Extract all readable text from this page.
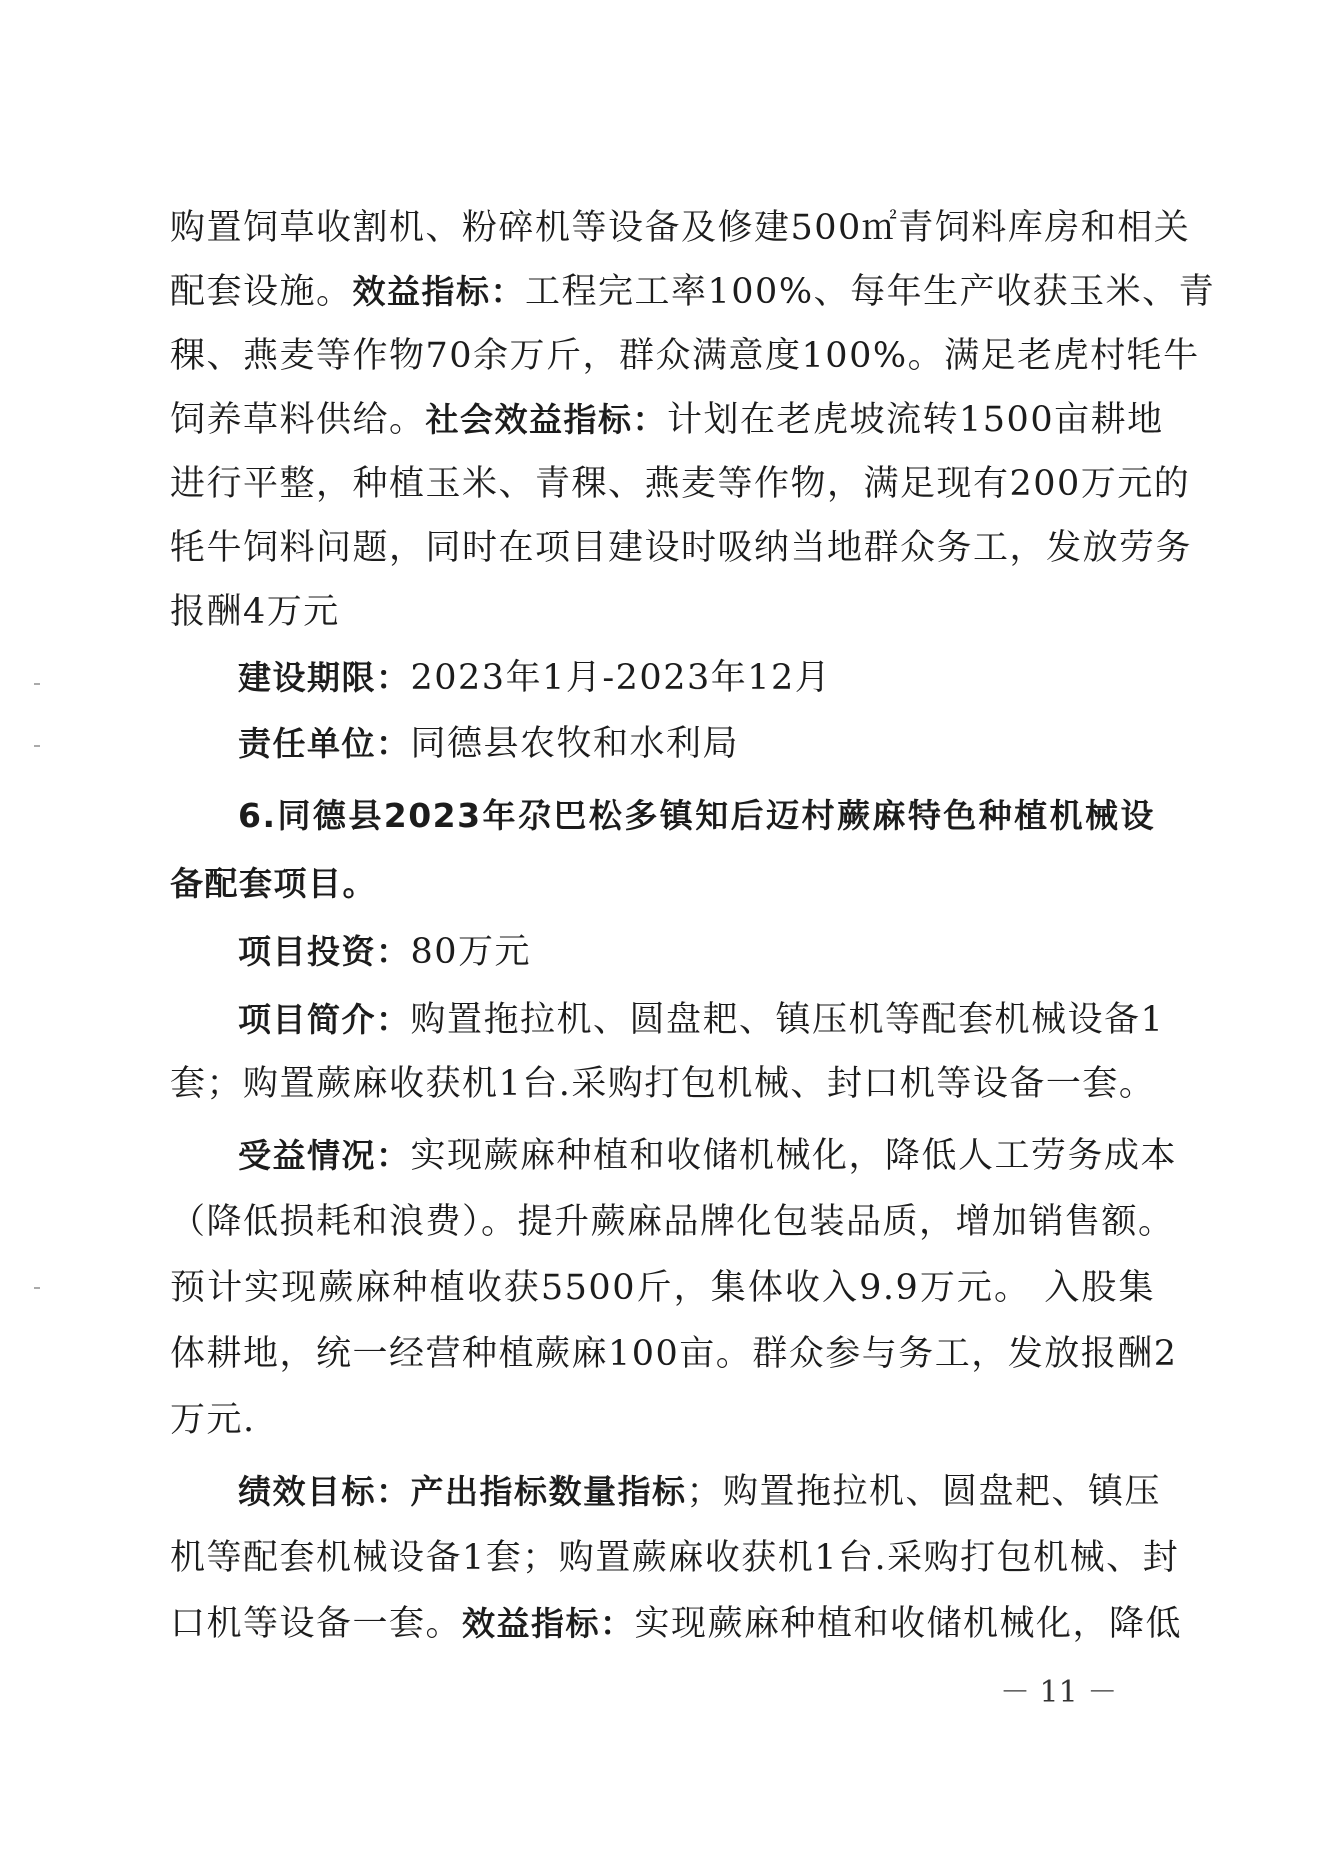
购置饲草收割机、粉碎机等设备及修建500㎡青饲料库房和相关
配套设施。效益指标：工程完工率100%、每年生产收获玉米、青
稞、燕麦等作物70余万斤，群众满意度100%。满足老虎村牦牛
饲养草料供给。社会效益指标：计划在老虎坡流转1500亩耕地
进行平整，种植玉米、青稞、燕麦等作物，满足现有200万元的
牦牛饲料问题，同时在项目建设时吸纳当地群众务工，发放劳务
报酬4万元
建设期限：2023年1月-2023年12月
责任单位：同德县农牧和水利局
6.同德县2023年尕巴松多镇知后迈村蕨麻特色种植机械设
备配套项目。
项目投资：80万元
项目简介：购置拖拉机、圆盘耙、镇压机等配套机械设备1
套；购置蕨麻收获机1台.采购打包机械、封口机等设备一套。
受益情况：实现蕨麻种植和收储机械化，降低人工劳务成本
（降低损耗和浪费）。提升蕨麻品牌化包装品质，增加销售额。
预计实现蕨麻种植收获5500斤，集体收入9.9万元。 入股集
体耕地，统一经营种植蕨麻100亩。群众参与务工，发放报酬2
万元.
绩效目标：产出指标数量指标；购置拖拉机、圆盘耙、镇压
机等配套机械设备1套；购置蕨麻收获机1台.采购打包机械、封
口机等设备一套。效益指标：实现蕨麻种植和收储机械化，降低
－ 11 －
